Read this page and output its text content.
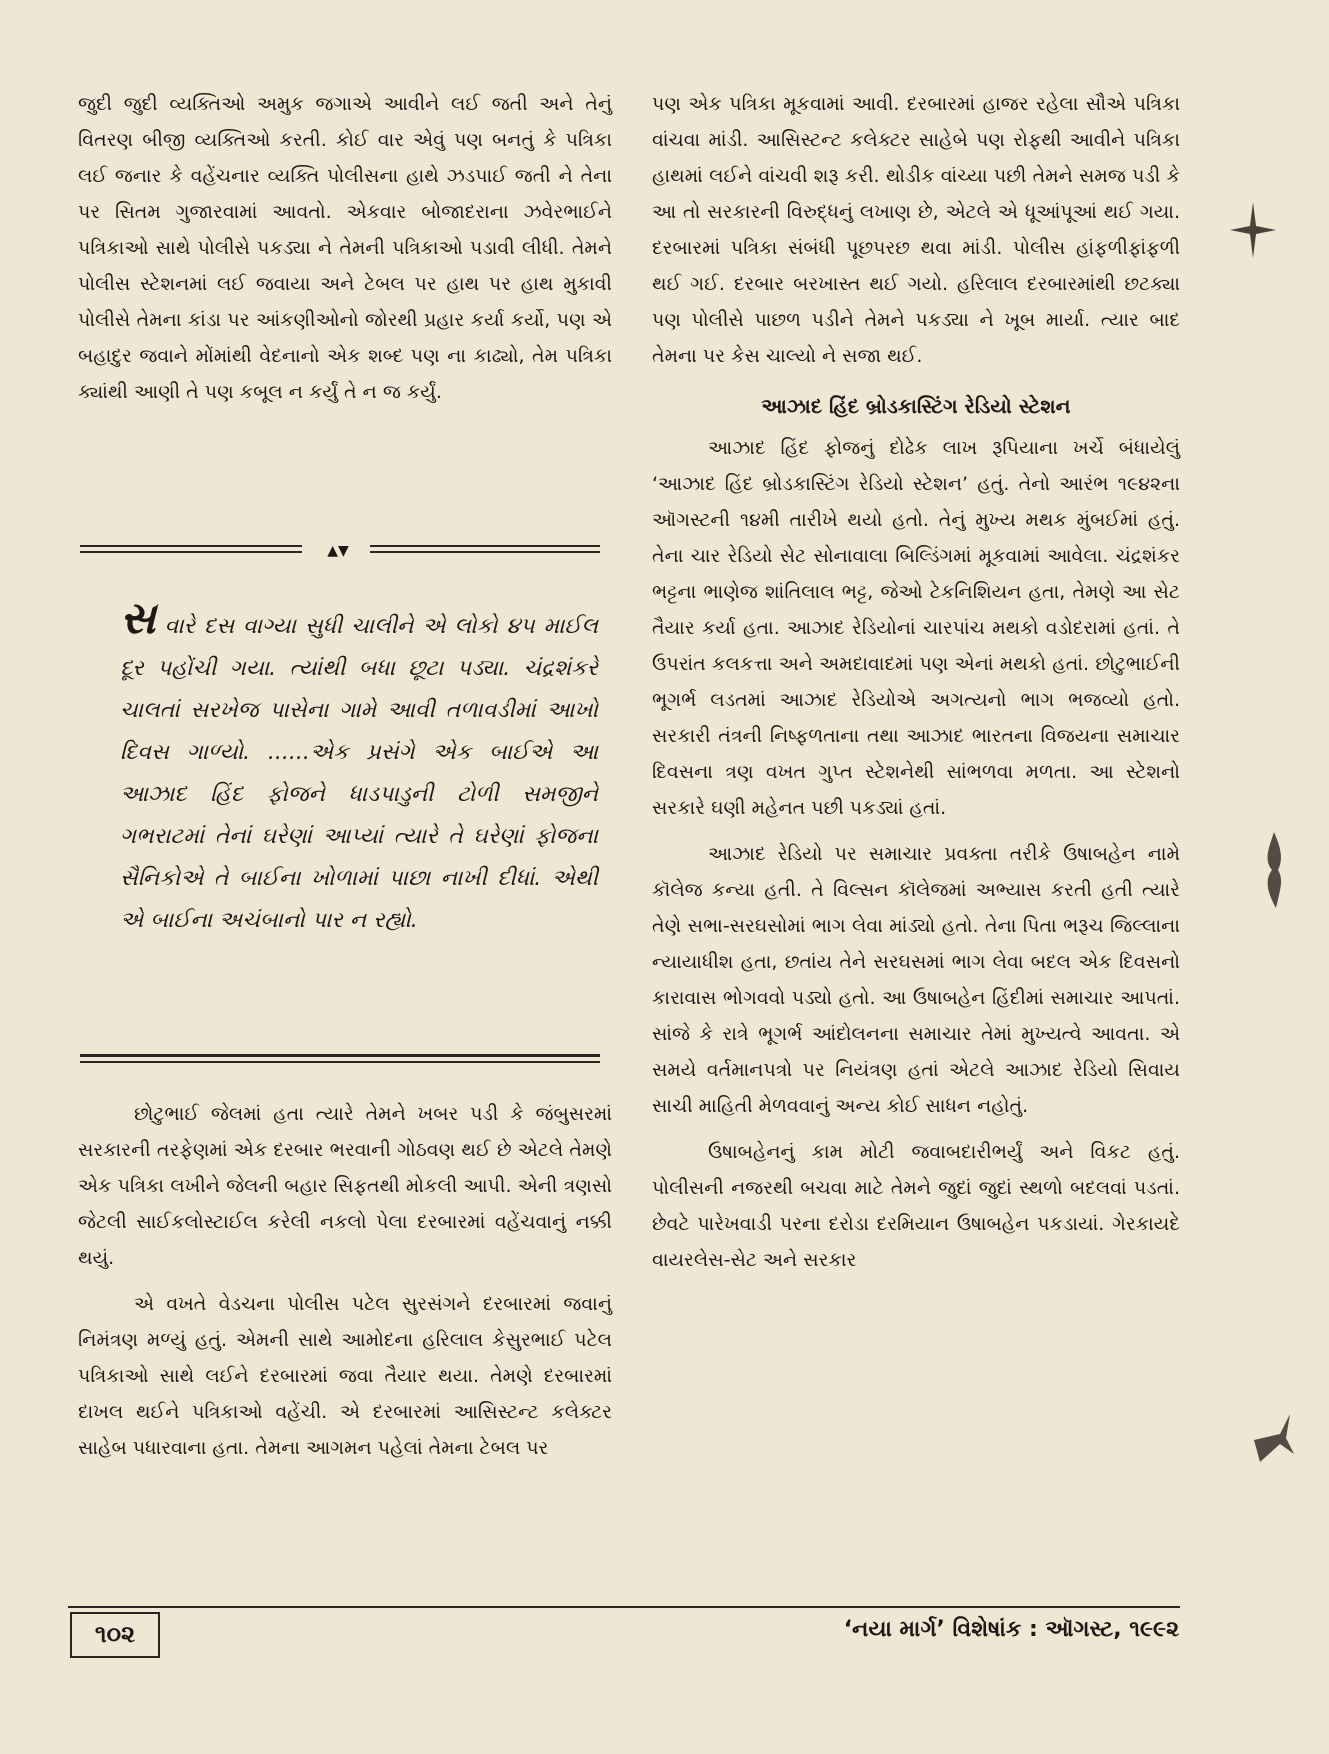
જુદી જુદી વ્યક્તિઓ અમુક જગાએ આવીને લઈ જતી અને તેનું વિતરણ બીજી વ્યક્તિઓ કરતી. કોઈ વાર એવું પણ બનતું કે પત્રિકા લઈ જનાર કે વહેંચનાર વ્યક્તિ પોલીસના હાથે ઝડપાઈ જતી ને તેના પર સિતમ ગુજારવામાં આવતો. એકવાર બોજાદરાના ઝવેરભાઈને પત્રિકાઓ સાથે પોલીસે પકડ્યા ને તેમની પત્રિકાઓ પડાવી લીધી. તેમને પોલીસ સ્ટેશનમાં લઈ જવાયા અને ટેબલ પર હાથ પર હાથ મુકાવી પોલીસે તેમના કાંડા પર આંકણીઓનો જોરથી પ્રહાર કર્યા કર્યો, પણ એ બહાદુર જવાને મોંમાંથી વેદનાનો એક શબ્દ પણ ના કાઢ્યો, તેમ પત્રિકા ક્યાંથી આણી તે પણ કબૂલ ન કર્યું તે ન જ કર્યું.

▲▼

સ વારે દસ વાગ્યા સુધી ચાલીને એ લોકો ૪૫ માઈલ દૂર પહોંચી ગયા. ત્યાંથી બધા છૂટા પડ્યા. ચંદ્રશંકરે ચાલતાં સરખેજ પાસેના ગામે આવી તળાવડીમાં આખો દિવસ ગાળ્યો. ......એક પ્રસંગે એક બાઈએ આ આઝાદ હિંદ ફોજને ધાડપાડુની ટોળી સમજીને ગભરાટમાં તેનાં ઘરેણાં આપ્યાં ત્યારે તે ઘરેણાં ફોજના સૈનિકોએ તે બાઈના ખોળામાં પાછા નાખી દીધાં. એથી એ બાઈના અચંબાનો પાર ન રહ્યો.

છોટુભાઈ જેલમાં હતા ત્યારે તેમને ખબર પડી કે જંબુસરમાં સરકારની તરફેણમાં એક દરબાર ભરવાની ગોઠવણ થઈ છે એટલે તેમણે એક પત્રિકા લખીને જેલની બહાર સિફતથી મોકલી આપી. એની ત્રણસો જેટલી સાઈકલોસ્ટાઈલ કરેલી નકલો પેલા દરબારમાં વહેંચવાનું નક્કી થયું.

એ વખતે વેડચના પોલીસ પટેલ સુરસંગને દરબારમાં જવાનું નિમંત્રણ મળ્યું હતું. એમની સાથે આમોદના હરિલાલ કેસુરભાઈ પટેલ પત્રિકાઓ સાથે લઈને દરબારમાં જવા તૈયાર થયા. તેમણે દરબારમાં દાખલ થઈને પત્રિકાઓ વહેંચી. એ દરબારમાં આસિસ્ટન્ટ કલેક્ટર સાહેબ પધારવાના હતા. તેમના આગમન પહેલાં તેમના ટેબલ પર

પણ એક પત્રિકા મૂકવામાં આવી. દરબારમાં હાજર રહેલા સૌએ પત્રિકા વાંચવા માંડી. આસિસ્ટન્ટ કલેક્ટર સાહેબે પણ રોફથી આવીને પત્રિકા હાથમાં લઈને વાંચવી શરૂ કરી. થોડીક વાંચ્યા પછી તેમને સમજ પડી કે આ તો સરકારની વિરુદ્ધનું લખાણ છે, એટલે એ ધૂઆંપૂઆં થઈ ગયા. દરબારમાં પત્રિકા સંબંધી પૂછપરછ થવા માંડી. પોલીસ હાંફળીફાંફળી થઈ ગઈ. દરબાર બરખાસ્ત થઈ ગયો. હરિલાલ દરબારમાંથી છટક્યા પણ પોલીસે પાછળ પડીને તેમને પકડ્યા ને ખૂબ માર્યા. ત્યાર બાદ તેમના પર કેસ ચાલ્યો ને સજા થઈ.

આઝાદ હિંદ બ્રોડકાસ્ટિંગ રેડિયો સ્ટેશન

આઝાદ હિંદ ફોજનું દોઢેક લાખ રૂપિયાના ખર્ચે બંધાયેલું ‘આઝાદ હિંદ બ્રોડકાસ્ટિંગ રેડિયો સ્ટેશન’ હતું. તેનો આરંભ ૧૯૪૨ના ઑગસ્ટની ૧૪મી તારીખે થયો હતો. તેનું મુખ્ય મથક મુંબઈમાં હતું. તેના ચાર રેડિયો સેટ સોનાવાલા બિલ્ડિંગમાં મૂકવામાં આવેલા. ચંદ્રશંકર ભટ્ટના ભાણેજ શાંતિલાલ ભટ્ટ, જેઓ ટેકનિશિયન હતા, તેમણે આ સેટ તૈયાર કર્યા હતા. આઝાદ રેડિયોનાં ચારપાંચ મથકો વડોદરામાં હતાં. તે ઉપરાંત કલકત્તા અને અમદાવાદમાં પણ એનાં મથકો હતાં. છોટુભાઈની ભૂગર્ભ લડતમાં આઝાદ રેડિયોએ અગત્યનો ભાગ ભજવ્યો હતો. સરકારી તંત્રની નિષ્ફળતાના તથા આઝાદ ભારતના વિજયના સમાચાર દિવસના ત્રણ વખત ગુપ્ત સ્ટેશનેથી સાંભળવા મળતા. આ સ્ટેશનો સરકારે ઘણી મહેનત પછી પકડ્યાં હતાં.

આઝાદ રેડિયો પર સમાચાર પ્રવક્તા તરીકે ઉષાબહેન નામે કૉલેજ કન્યા હતી. તે વિલ્સન કૉલેજમાં અભ્યાસ કરતી હતી ત્યારે તેણે સભા-સરઘસોમાં ભાગ લેવા માંડ્યો હતો. તેના પિતા ભરૂચ જિલ્લાના ન્યાયાધીશ હતા, છતાંય તેને સરઘસમાં ભાગ લેવા બદલ એક દિવસનો કારાવાસ ભોગવવો પડ્યો હતો. આ ઉષાબહેન હિંદીમાં સમાચાર આપતાં. સાંજે કે રાત્રે ભૂગર્ભ આંદોલનના સમાચાર તેમાં મુખ્યત્વે આવતા. એ સમયે વર્તમાનપત્રો પર નિયંત્રણ હતાં એટલે આઝાદ રેડિયો સિવાય સાચી માહિતી મેળવવાનું અન્ય કોઈ સાધન નહોતું.

ઉષાબહેનનું કામ મોટી જવાબદારીભર્યું અને વિકટ હતું. પોલીસની નજરથી બચવા માટે તેમને જુદાં જુદાં સ્થળો બદલવાં પડતાં. છેવટે પારેખવાડી પરના દરોડા દરમિયાન ઉષાબહેન પકડાયાં. ગેરકાયદે વાયરલેસ-સેટ અને સરકાર

૧૦૨	‘નયા માર્ગ’ વિશેષાંક : ઑગસ્ટ, ૧૯૯૨
